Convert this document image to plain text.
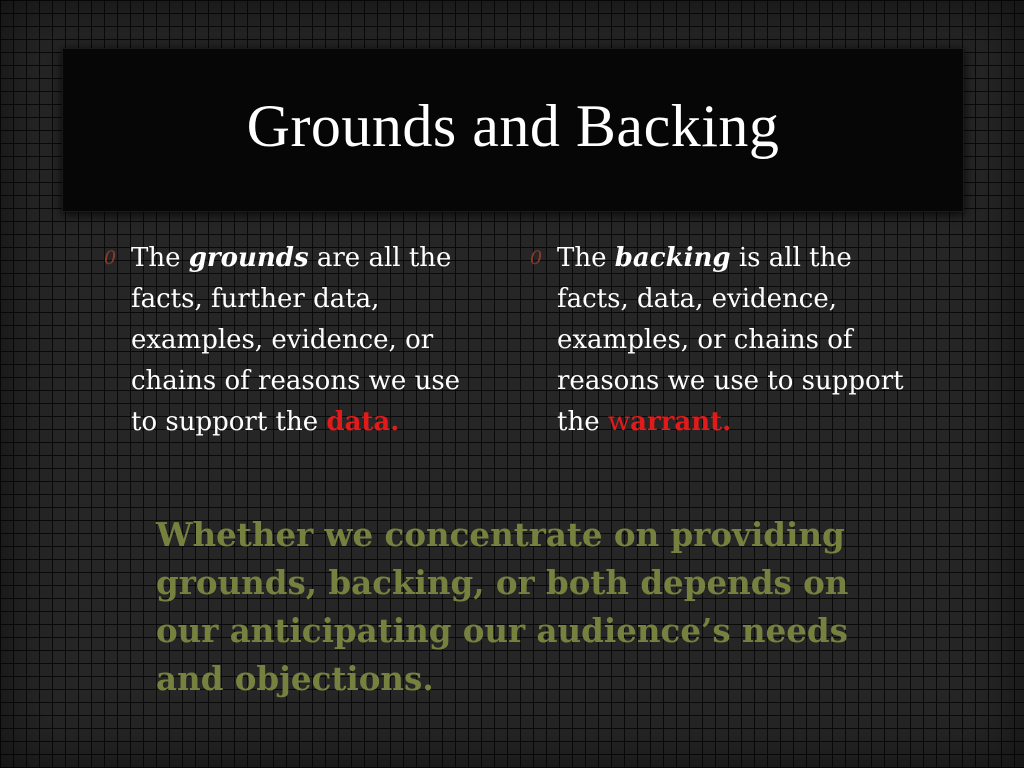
Grounds and Backing
0 The grounds are all the facts, further data, examples, evidence, or chains of reasons we use to support the data.
0 The backing is all the facts, data, evidence, examples, or chains of reasons we use to support the warrant.
Whether we concentrate on providing grounds, backing, or both depends on our anticipating our audience’s needs and objections.
